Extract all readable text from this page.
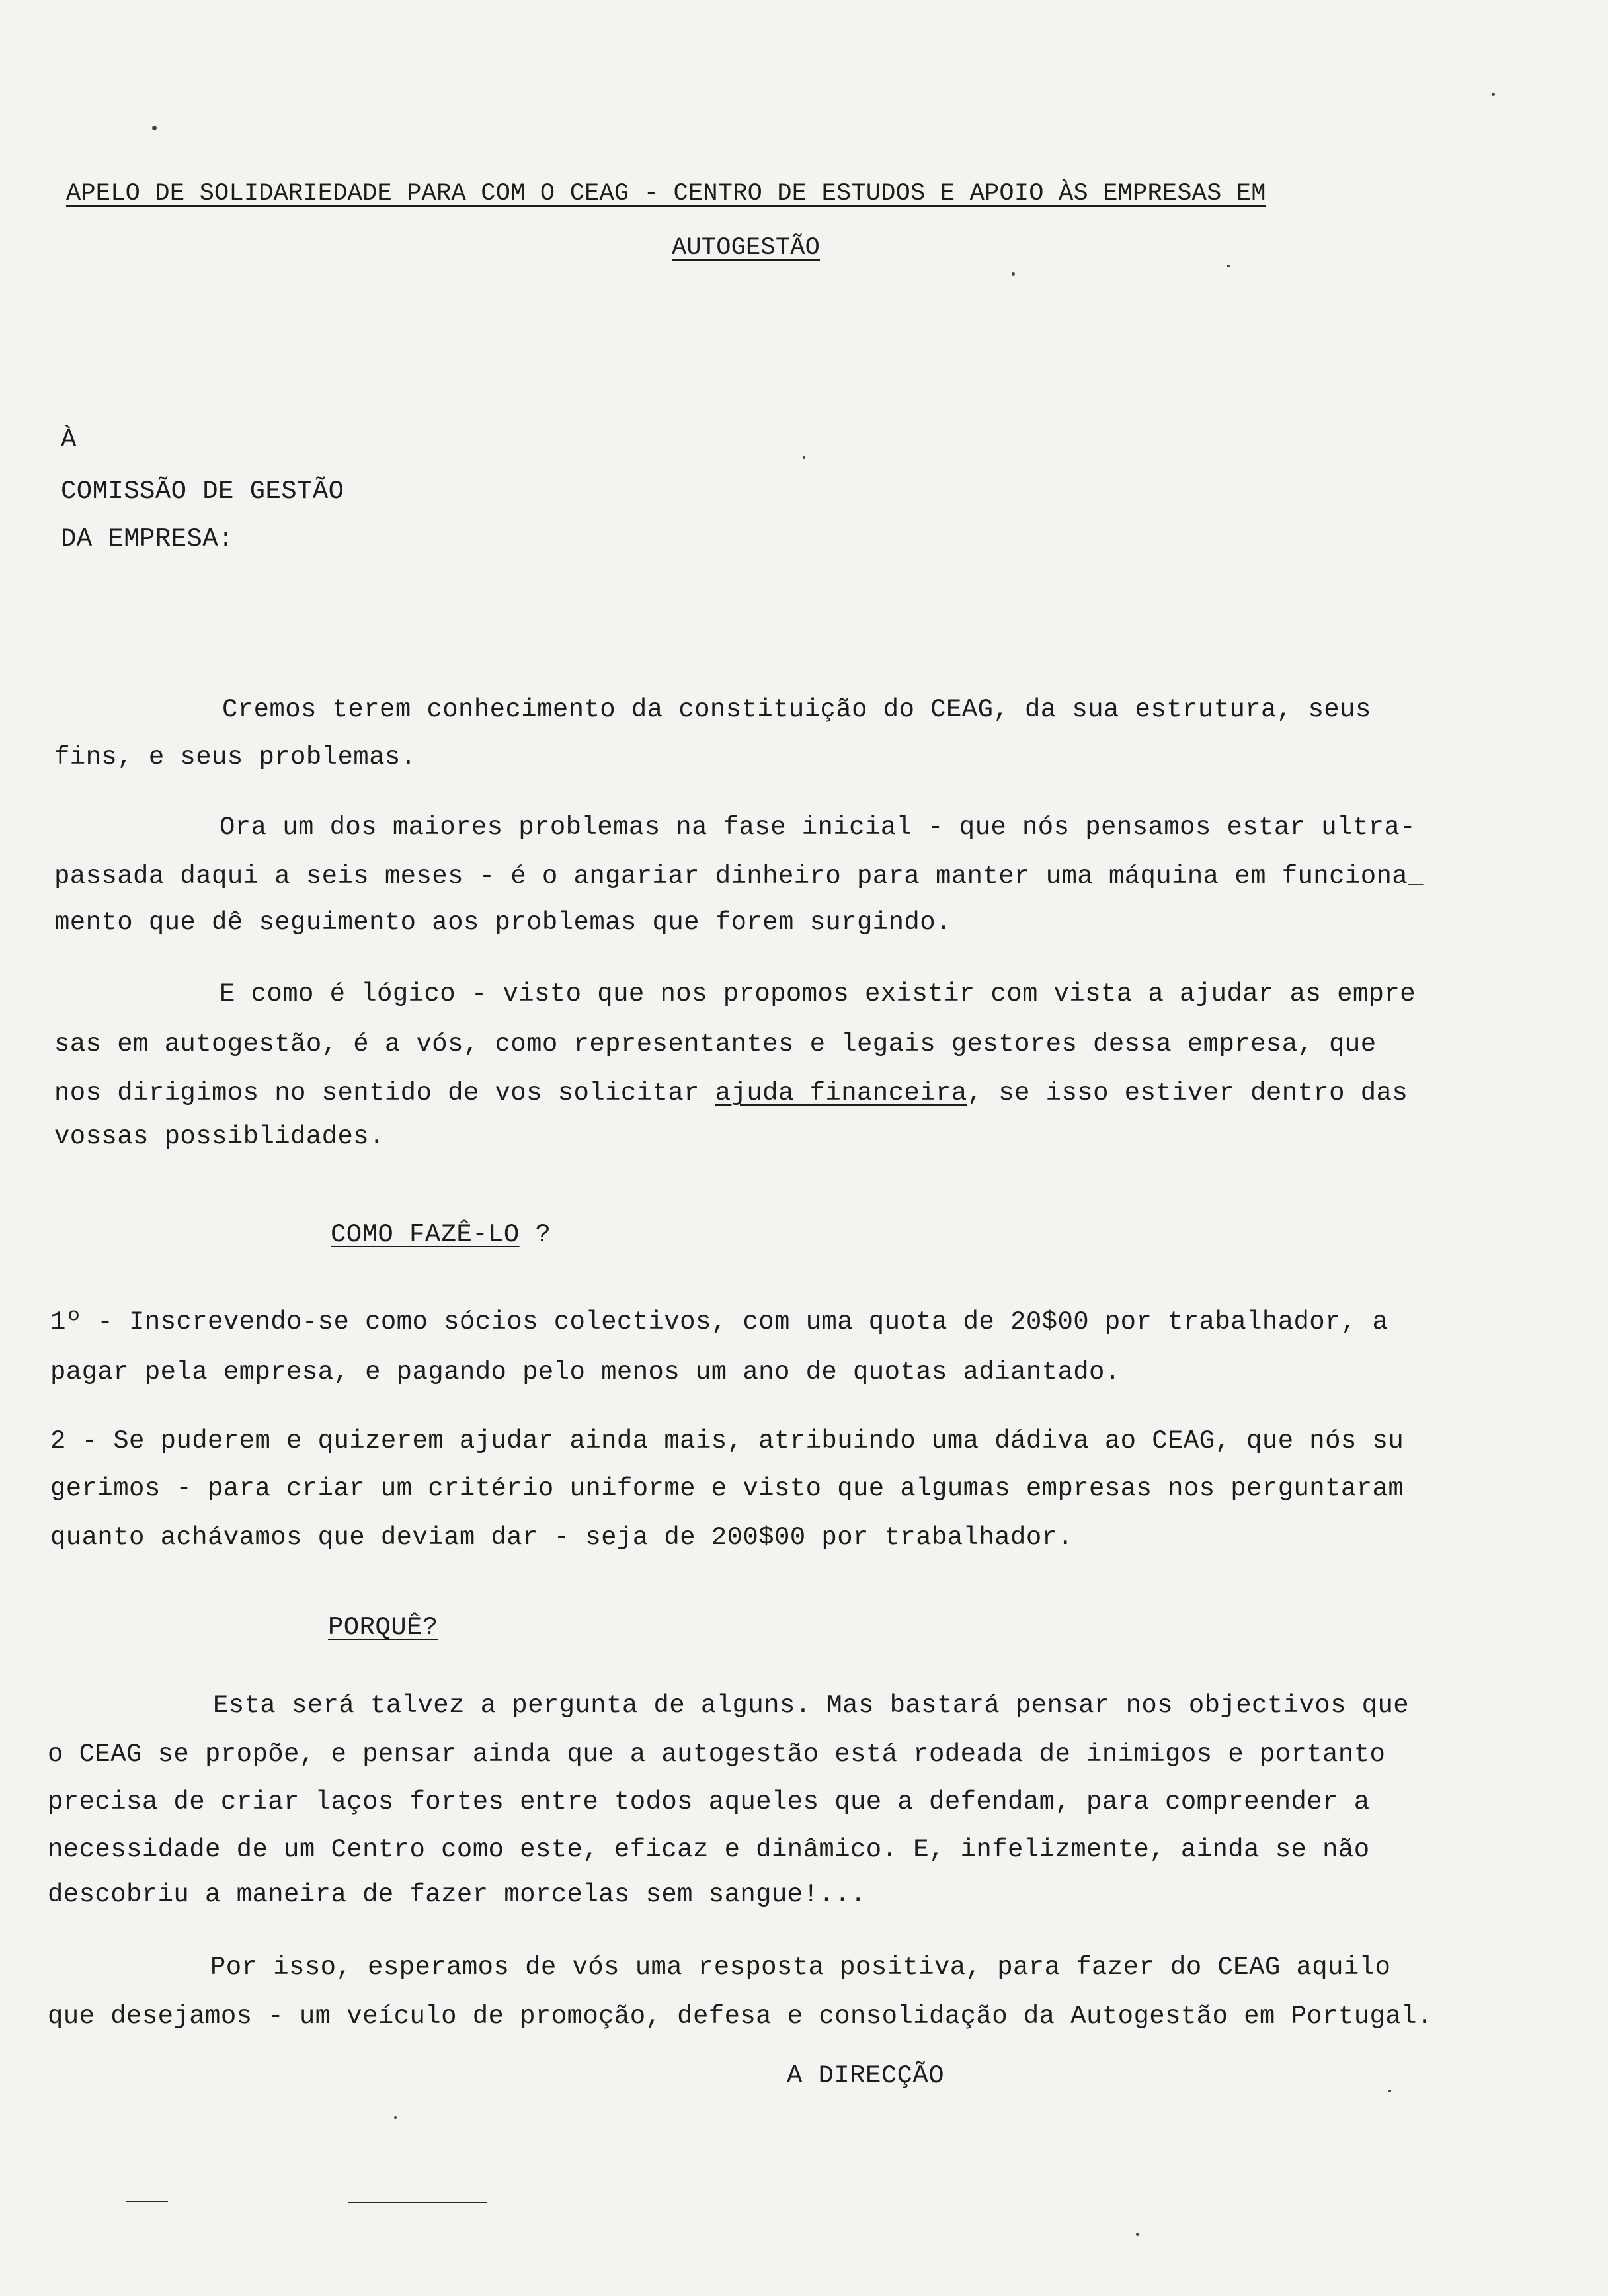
APELO DE SOLIDARIEDADE PARA COM O CEAG - CENTRO DE ESTUDOS E APOIO ÀS EMPRESAS EM
AUTOGESTÃO
À
COMISSÃO DE GESTÃO
DA EMPRESA:
Cremos terem conhecimento da constituição do CEAG, da sua estrutura, seus
fins, e seus problemas.
Ora um dos maiores problemas na fase inicial - que nós pensamos estar ultra-
passada daqui a seis meses - é o angariar dinheiro para manter uma máquina em funciona_
mento que dê seguimento aos problemas que forem surgindo.
E como é lógico - visto que nos propomos existir com vista a ajudar as empre
sas em autogestão, é a vós, como representantes e legais gestores dessa empresa, que
nos dirigimos no sentido de vos solicitar ajuda financeira, se isso estiver dentro das
vossas possiblidades.
COMO FAZÊ-LO ?
1º - Inscrevendo-se como sócios colectivos, com uma quota de 20$00 por trabalhador, a
pagar pela empresa, e pagando pelo menos um ano de quotas adiantado.
2 - Se puderem e quizerem ajudar ainda mais, atribuindo uma dádiva ao CEAG, que nós su
gerimos - para criar um critério uniforme e visto que algumas empresas nos perguntaram
quanto achávamos que deviam dar - seja de 200$00 por trabalhador.
PORQUÊ?
Esta será talvez a pergunta de alguns. Mas bastará pensar nos objectivos que
o CEAG se propõe, e pensar ainda que a autogestão está rodeada de inimigos e portanto
precisa de criar laços fortes entre todos aqueles que a defendam, para compreender a
necessidade de um Centro como este, eficaz e dinâmico. E, infelizmente, ainda se não
descobriu a maneira de fazer morcelas sem sangue!...
Por isso, esperamos de vós uma resposta positiva, para fazer do CEAG aquilo
que desejamos - um veículo de promoção, defesa e consolidação da Autogestão em Portugal.
A DIRECÇÃO
